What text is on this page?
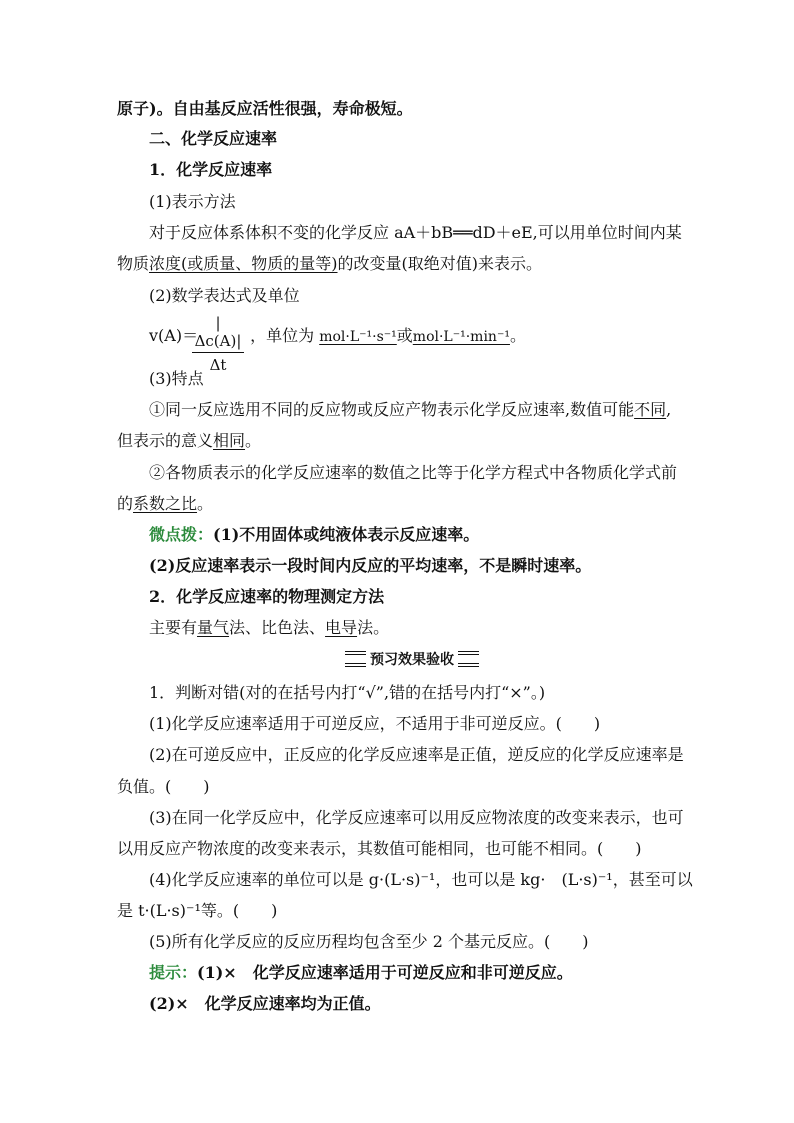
原子)。自由基反应活性很强，寿命极短。
二、化学反应速率
1．化学反应速率
(1)表示方法
对于反应体系体积不变的化学反应 aA＋bB══dD＋eE,可以用单位时间内某
物质浓度(或质量、物质的量等)的改变量(取绝对值)来表示。
(2)数学表达式及单位
v(A)＝	，单位为 mol·L⁻¹·s⁻¹或mol·L⁻¹·min⁻¹。
$\frac{|\Delta c(A)|}{\Delta t}$
(3)特点
①同一反应选用不同的反应物或反应产物表示化学反应速率,数值可能不同,
但表示的意义相同。
②各物质表示的化学反应速率的数值之比等于化学方程式中各物质化学式前
的系数之比。
微点拨：(1)不用固体或纯液体表示反应速率。
(2)反应速率表示一段时间内反应的平均速率，不是瞬时速率。
2．化学反应速率的物理测定方法
主要有量气法、比色法、电导法。
预习效果验收
1．判断对错(对的在括号内打“√”,错的在括号内打“×”。)
(1)化学反应速率适用于可逆反应，不适用于非可逆反应。(　　)
(2)在可逆反应中，正反应的化学反应速率是正值，逆反应的化学反应速率是
负值。(　　)
(3)在同一化学反应中，化学反应速率可以用反应物浓度的改变来表示，也可
以用反应产物浓度的改变来表示，其数值可能相同，也可能不相同。(　　)
(4)化学反应速率的单位可以是 g·(L·s)⁻¹，也可以是 kg·　(L·s)⁻¹，甚至可以
是 t·(L·s)⁻¹等。(　　)
(5)所有化学反应的反应历程均包含至少 2 个基元反应。(　　)
提示：(1)×　化学反应速率适用于可逆反应和非可逆反应。
(2)×　化学反应速率均为正值。
